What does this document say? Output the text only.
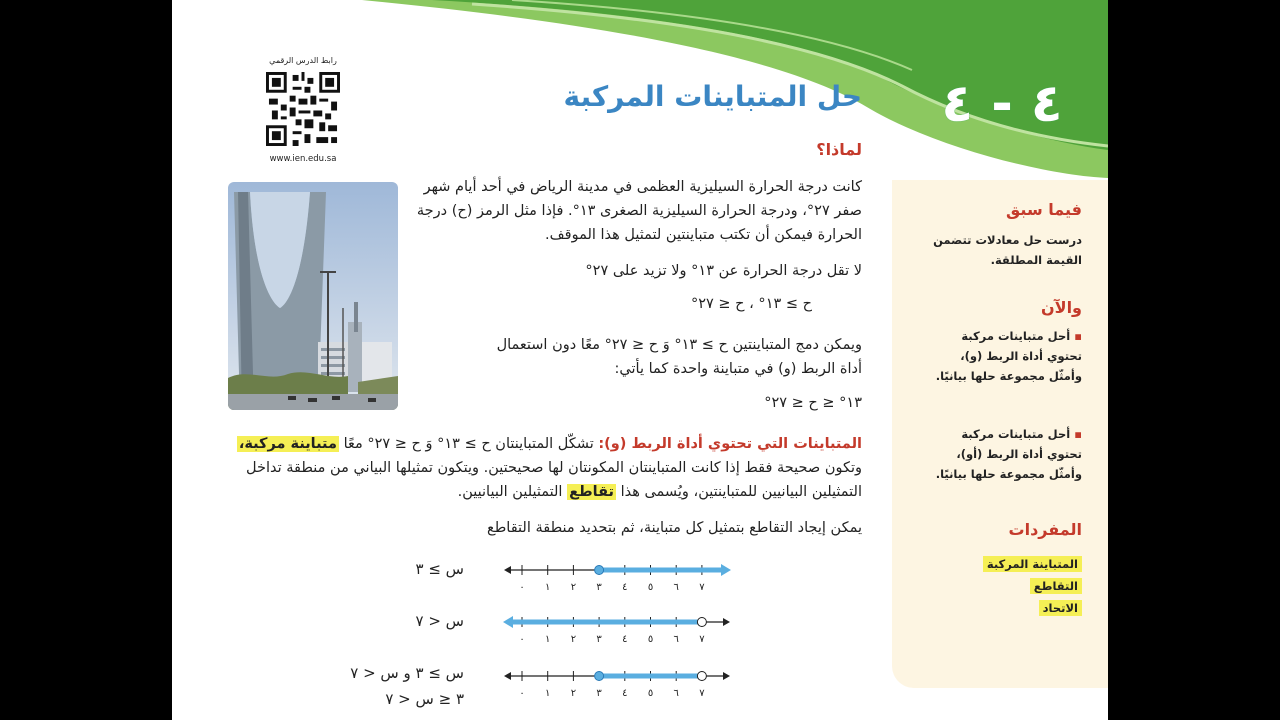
رابط الدرس الرقمي
www.ien.edu.sa
٤ - ٤
حل المتباينات المركبة
لماذا؟
كانت درجة الحرارة السيليزية العظمى في مدينة الرياض في أحد أيام شهر
صفر ٢٧°، ودرجة الحرارة السيليزية الصغرى ١٣°. فإذا مثل الرمز (ح) درجة
الحرارة فيمكن أن تكتب متباينتين لتمثيل هذا الموقف.
لا تقل درجة الحرارة عن ١٣° ولا تزيد على ٢٧°
ح ≥ ١٣° ، ح ≤ ٢٧°
ويمكن دمج المتباينتين ح ≥ ١٣° وَ ح ≤ ٢٧° معًا دون استعمال
أداة الربط (و) في متباينة واحدة كما يأتي:
١٣° ≤ ح ≤ ٢٧°
المتباينات التي تحتوي أداة الربط (و): تشكّل المتباينتان ح ≥ ١٣° وَ ح ≤ ٢٧° معًا متباينة مركبة،
وتكون صحيحة فقط إذا كانت المتباينتان المكونتان لها صحيحتين. ويتكون تمثيلها البياني من منطقة تداخل
التمثيلين البيانيين للمتباينتين، ويُسمى هذا تقاطع التمثيلين البيانيين.
يمكن إيجاد التقاطع بتمثيل كل متباينة، ثم بتحديد منطقة التقاطع
س ≥ ٣
٠ ١ ٢ ٣ ٤ ٥ ٦ ٧
س < ٧
٠ ١ ٢ ٣ ٤ ٥ ٦ ٧
س ≥ ٣ و س < ٧
٣ ≤ س < ٧	٠ ١ ٢ ٣ ٤ ٥ ٦ ٧
فيما سبق
درست حل معادلات تتضمن القيمة المطلقة.
والآن
▪ أحل متباينات مركبة تحتوي أداة الربط (و)، وأمثّل مجموعة حلها بيانيًا.
▪ أحل متباينات مركبة تحتوي أداة الربط (أو)، وأمثّل مجموعة حلها بيانيًا.
المفردات
المتباينة المركبة
التقاطع
الاتحاد
